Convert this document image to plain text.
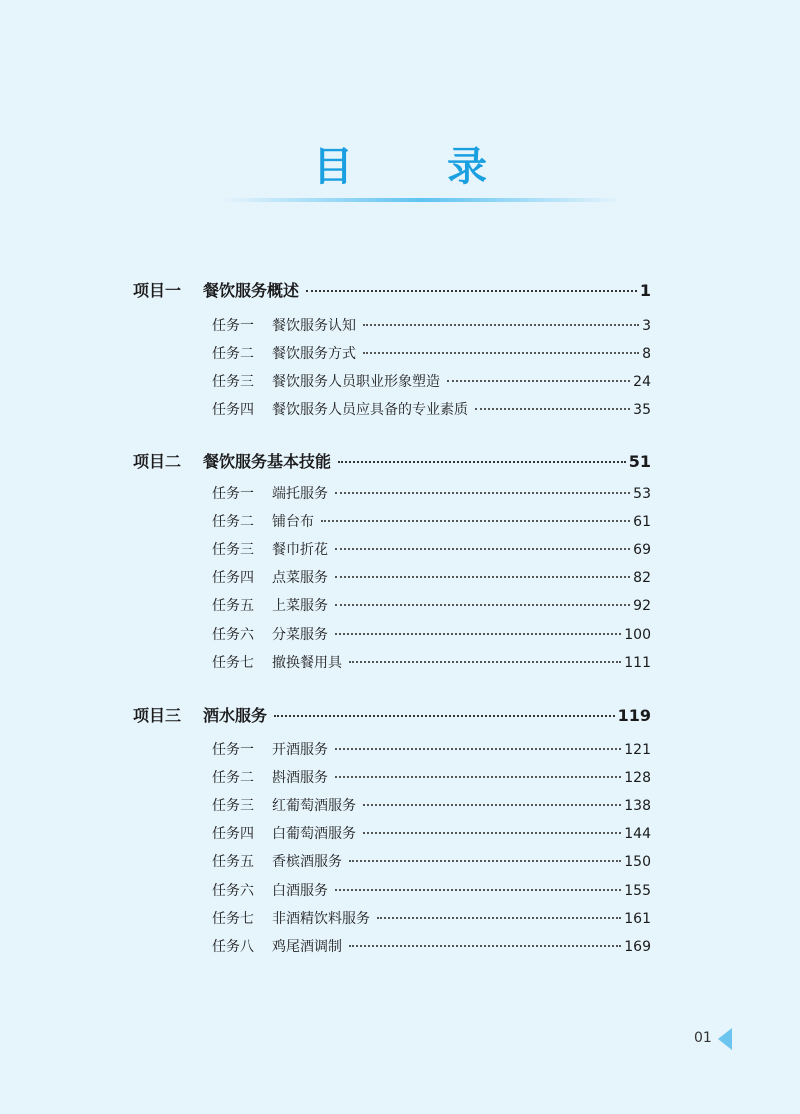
目 录
项目一	餐饮服务概述	1
任务一	餐饮服务认知	3
任务二	餐饮服务方式	8
任务三	餐饮服务人员职业形象塑造	24
任务四	餐饮服务人员应具备的专业素质	35
项目二	餐饮服务基本技能	51
任务一	端托服务	53
任务二	铺台布	61
任务三	餐巾折花	69
任务四	点菜服务	82
任务五	上菜服务	92
任务六	分菜服务	100
任务七	撤换餐用具	111
项目三	酒水服务	119
任务一	开酒服务	121
任务二	斟酒服务	128
任务三	红葡萄酒服务	138
任务四	白葡萄酒服务	144
任务五	香槟酒服务	150
任务六	白酒服务	155
任务七	非酒精饮料服务	161
任务八	鸡尾酒调制	169
01
